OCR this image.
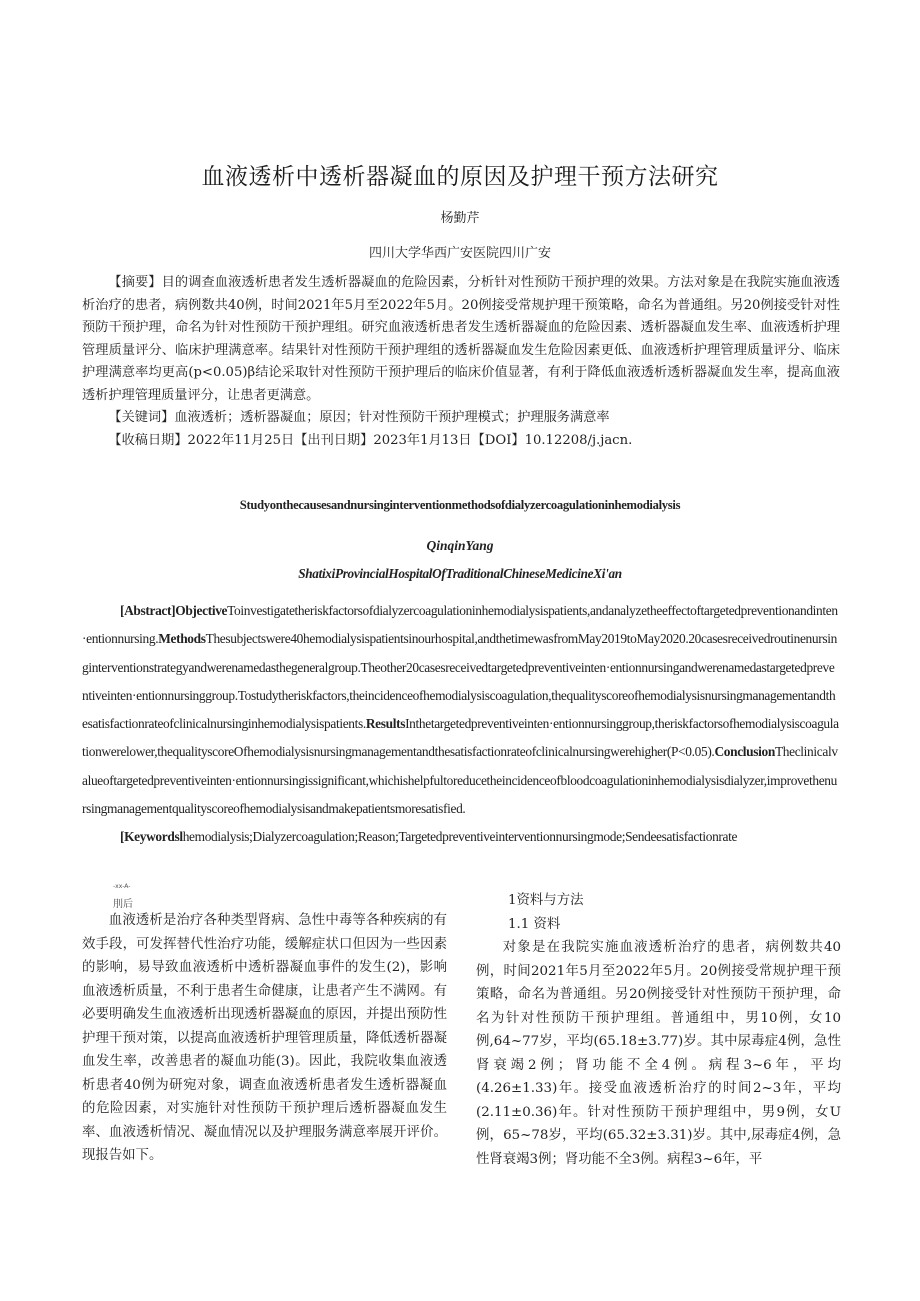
血液透析中透析器凝血的原因及护理干预方法研究
杨勤芹
四川大学华西广安医院四川广安

【摘要】目的调查血液透析患者发生透析器凝血的危险因素，分析针对性预防干预护理的效果。方法对象是在我院实施血液透析治疗的患者，病例数共40例，时间2021年5月至2022年5月。20例接受常规护理干预策略，命名为普通组。另20例接受针对性预防干预护理，命名为针对性预防干预护理组。研究血液透析患者发生透析器凝血的危险因素、透析器凝血发生率、血液透析护理管理质量评分、临床护理满意率。结果针对性预防干预护理组的透析器凝血发生危险因素更低、血液透析护理管理质量评分、临床护理满意率均更高(p<0.05)β结论采取针对性预防干预护理后的临床价值显著，有利于降低血液透析透析器凝血发生率，提高血液透析护理管理质量评分，让患者更满意。

【关键词】血液透析；透析器凝血；原因；针对性预防干预护理模式；护理服务满意率

【收稿日期】2022年11月25日【出刊日期】2023年1月13日【DOI】10.12208/j.jacn.

Studyonthecausesandnursinginterventionmethodsofdialyzercoagulationinhemodialysis
QinqinYang
ShatixiProvincialHospitalOfTraditionalChineseMedicineXi'an

[Abstract]ObjectiveToinvestigatetheriskfactorsofdialyzercoagulationinhemodialysispatients,andanalyzetheeffectoftargetedpreventionandinten·entionnursing.MethodsThesubjectswere40hemodialysispatientsinourhospital,andthetimewasfromMay2019toMay2020.20casesreceivedroutinenursinginterventionstrategyandwerenamedasthegeneralgroup.Theother20casesreceivedtargetedpreventiveinten·entionnursingandwerenamedastargetedpreventiveinten·entionnursinggroup.Tostudytheriskfactors,theincidenceofhemodialysiscoagulation,thequalityscoreofhemodialysisnursingmanagementandthesatisfactionrateofclinicalnursinginhemodialysispatients.ResultsInthetargetedpreventiveinten·entionnursinggroup,theriskfactorsofhemodialysiscoagulationwerelower,thequalityscoreOfhemodialysisnursingmanagementandthesatisfactionrateofclinicalnursingwerehigher(P<0.05).ConclusionTheclinicalvalueoftargetedpreventiveinten·entionnursingissignificant,whichishelpfultoreducetheincidenceofbloodcoagulationinhemodialysisdialyzer,improvethenursingmanagementqualityscoreofhemodialysisandmakepatientsmoresatisfied.

[Keywordslhemodialysis;Dialyzercoagulation;Reason;Targetedpreventiveinterventionnursingmode;Sendeesatisfactionrate

-xx-A-
刖后

血液透析是治疗各种类型肾病、急性中毒等各种疾病的有效手段，可发挥替代性治疗功能，缓解症状口但因为一些因素的影响，易导致血液透析中透析器凝血事件的发生(2)，影响血液透析质量，不利于患者生命健康，让患者产生不满网。有必要明确发生血液透析出现透析器凝血的原因，并提出预防性护理干预对策，以提高血液透析护理管理质量，降低透析器凝血发生率，改善患者的凝血功能(3)。因此，我院收集血液透析患者40例为研宛对象，调查血液透析患者发生透析器凝血的危险因素，对实施针对性预防干预护理后透析器凝血发生率、血液透析情况、凝血情况以及护理服务满意率展开评价。现报告如下。

1资料与方法

1.1 资料

对象是在我院实施血液透析治疗的患者，病例数共40例，时间2021年5月至2022年5月。20例接受常规护理干预策略，命名为普通组。另20例接受针对性预防干预护理，命名为针对性预防干预护理组。普通组中，男10例，女10例,64~77岁，平均(65.18±3.77)岁。其中尿毒症4例，急性肾衰竭2例；肾功能不全4例。病程3~6年，平均(4.26±1.33)年。接受血液透析治疗的时间2~3年，平均(2.11±0.36)年。针对性预防干预护理组中，男9例，女U例，65~78岁，平均(65.32±3.31)岁。其中,尿毒症4例，急性肾衰竭3例；肾功能不全3例。病程3~6年，平
